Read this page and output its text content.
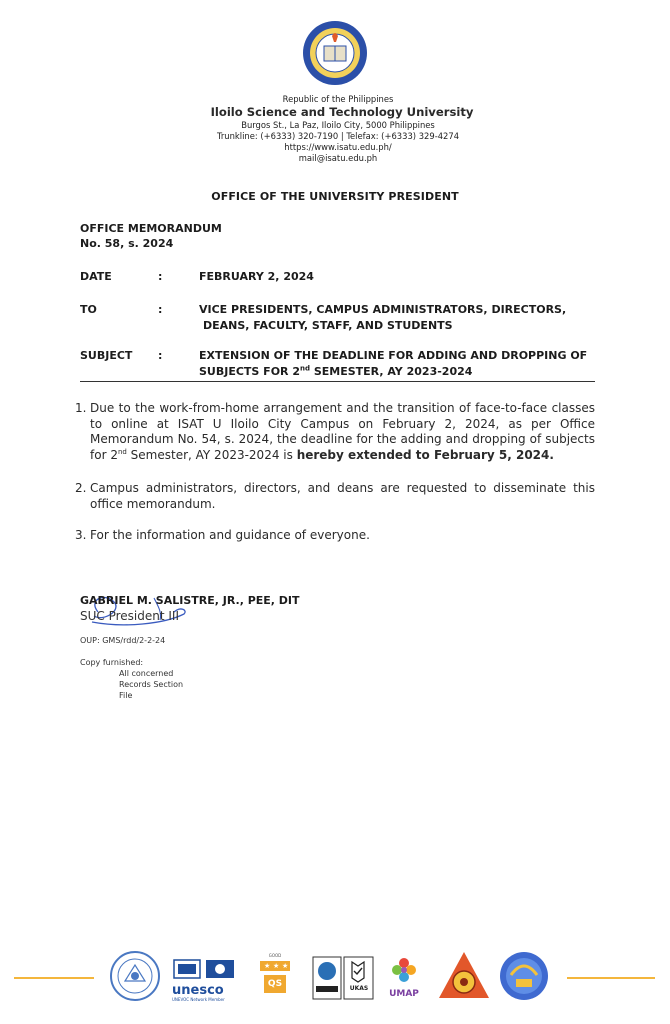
Republic of the Philippines
Iloilo Science and Technology University
Burgos St., La Paz, Iloilo City, 5000 Philippines
Trunkline: (+6333) 320-7190 | Telefax: (+6333) 329-4274
https://www.isatu.edu.ph/
mail@isatu.edu.ph
OFFICE OF THE UNIVERSITY PRESIDENT
OFFICE MEMORANDUM
No. 58, s. 2024
DATE	:	FEBRUARY 2, 2024
TO	:	VICE PRESIDENTS, CAMPUS ADMINISTRATORS, DIRECTORS,
DEANS, FACULTY, STAFF, AND STUDENTS
SUBJECT :	EXTENSION OF THE DEADLINE FOR ADDING AND DROPPING OF
SUBJECTS FOR 2nd SEMESTER, AY 2023-2024
1. Due to the work-from-home arrangement and the transition of face-to-face classes to online at ISAT U Iloilo City Campus on February 2, 2024, as per Office Memorandum No. 54, s. 2024, the deadline for the adding and dropping of subjects for 2nd Semester, AY 2023-2024 is hereby extended to February 5, 2024.
2. Campus administrators, directors, and deans are requested to disseminate this office memorandum.
3. For the information and guidance of everyone.
GABRIEL M. SALISTRE, JR., PEE, DIT
SUC President III
OUP: GMS/rdd/2-2-24
Copy furnished:
All concerned
Records Section
File
unesco
UNEVOC Network Member
GOOD
★ ★ ★
QS	UKAS
UMAP
